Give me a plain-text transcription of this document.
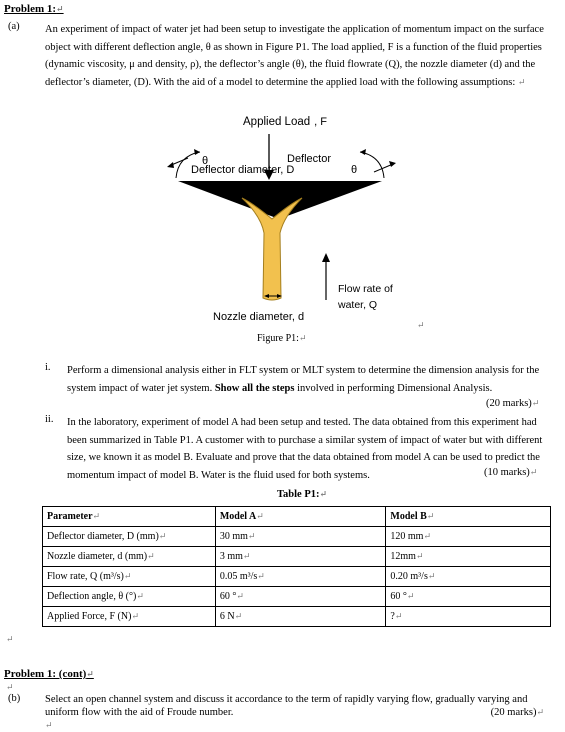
Problem 1:↵
(a) An experiment of impact of water jet had been setup to investigate the application of momentum impact on the surface
object with different deflection angle, θ as shown in Figure P1. The load applied, F is a function of the fluid properties
(dynamic viscosity, μ and density, ρ), the deflector’s angle (θ), the fluid flowrate (Q), the nozzle diameter (d) and the
deflector’s diameter, (D). With the aid of a model to determine the applied load with the following assumptions: ↵
Applied Load , F
Deflector
Deflector diameter, D
θ
θ
Flow rate of
water, Q
Nozzle diameter, d
↵
Figure P1:↵
i. Perform a dimensional analysis either in FLT system or MLT system to determine the dimension analysis for the
system impact of water jet system. Show all the steps involved in performing Dimensional Analysis.
(20 marks)↵
ii. In the laboratory, experiment of model A had been setup and tested. The data obtained from this experiment had
been summarized in Table P1. A customer with to purchase a similar system of impact of water but with different
size, we known it as model B. Evaluate and prove that the data obtained from model A can be used to predict the
momentum impact of model B. Water is the fluid used for both systems.	(10 marks)↵
Table P1:↵
Parameter↵	Model A↵	Model B↵
Deflector diameter, D (mm)↵	30 mm↵	120 mm↵
Nozzle diameter, d (mm)↵	3 mm↵	12mm↵
Flow rate, Q (m³/s)↵	0.05 m³/s↵	0.20 m³/s↵
Deflection angle, θ (°)↵	60 °↵	60 °↵
Applied Force, F (N)↵	6 N↵	?↵
↵
Problem 1: (cont)↵
↵
(b) Select an open channel system and discuss it accordance to the term of rapidly varying flow, gradually varying and
uniform flow with the aid of Froude number.	(20 marks)↵
↵
